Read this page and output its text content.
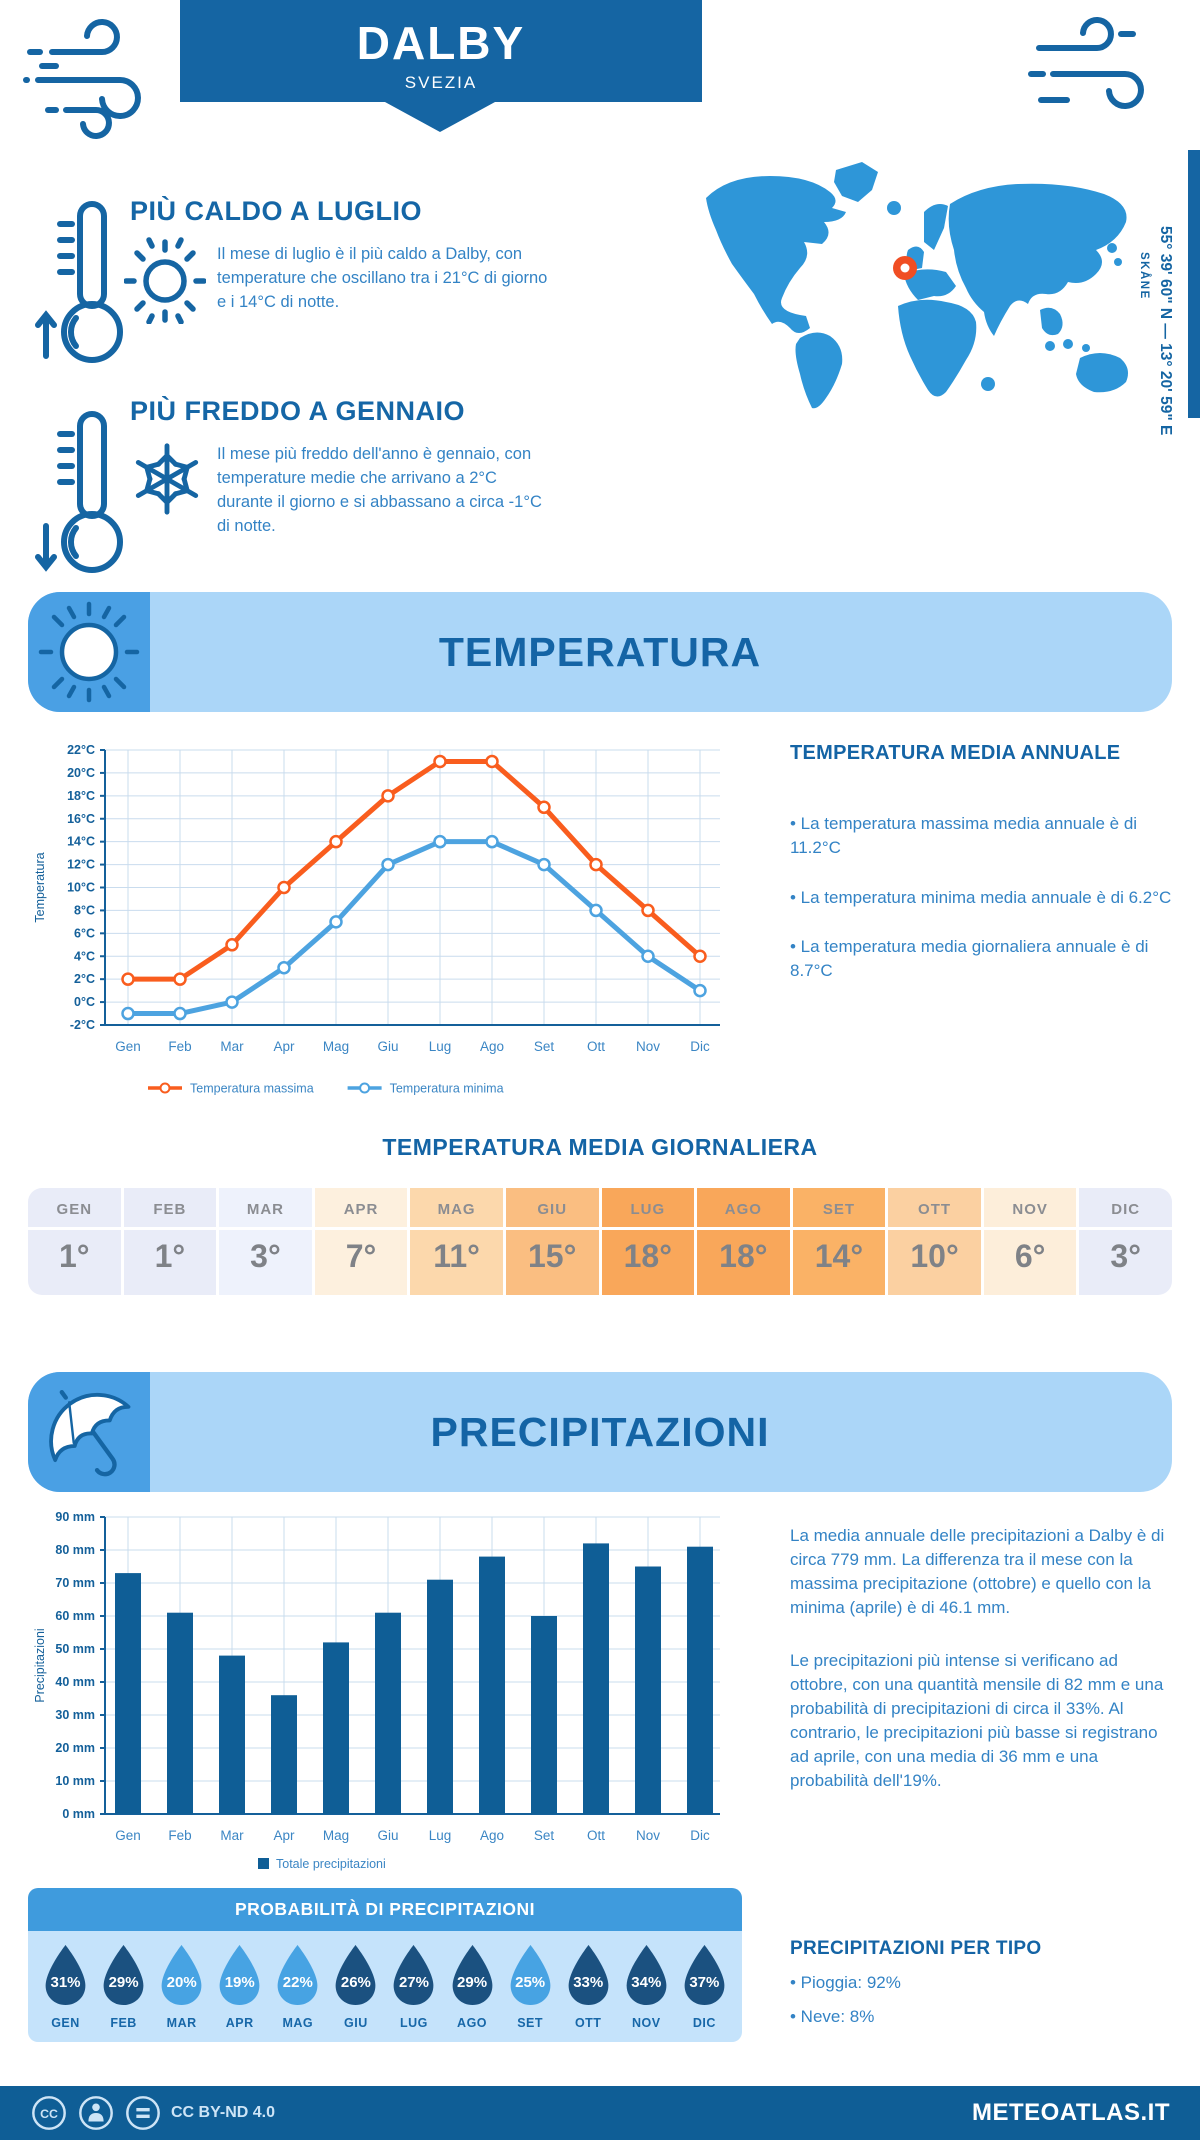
DALBY
SVEZIA
PIÙ CALDO A LUGLIO
Il mese di luglio è il più caldo a Dalby, con temperature che oscillano tra i 21°C di giorno e i 14°C di notte.
PIÙ FREDDO A GENNAIO
Il mese più freddo dell'anno è gennaio, con temperature medie che arrivano a 2°C durante il giorno e si abbassano a circa -1°C di notte.
55° 39' 60" N — 13° 20' 59" E
SKÅNE
TEMPERATURA
-2°C
0°C
2°C
4°C
6°C
8°C
10°C
12°C
14°C
16°C
18°C
20°C
22°C
Gen Feb Mar Apr Mag Giu Lug Ago Set Ott Nov Dic
Temperatura
Temperatura massima	Temperatura minima
TEMPERATURA MEDIA ANNUALE
• La temperatura massima media annuale è di 11.2°C
• La temperatura minima media annuale è di 6.2°C
• La temperatura media giornaliera annuale è di 8.7°C
TEMPERATURA MEDIA GIORNALIERA
GEN	FEB	MAR	APR	MAG	GIU	LUG	AGO	SET	OTT	NOV	DIC
1°	1°	3°	7°	11°	15°	18°	18°	14°	10°	6°	3°
PRECIPITAZIONI
0 mm
10 mm
20 mm
30 mm
40 mm
50 mm
60 mm
70 mm
80 mm
90 mm
Gen Feb Mar Apr Mag Giu Lug Ago Set Ott Nov Dic
Precipitazioni
Totale precipitazioni
La media annuale delle precipitazioni a Dalby è di circa 779 mm. La differenza tra il mese con la massima precipitazione (ottobre) e quello con la minima (aprile) è di 46.1 mm.
Le precipitazioni più intense si verificano ad ottobre, con una quantità mensile di 82 mm e una probabilità di precipitazioni di circa il 33%. Al contrario, le precipitazioni più basse si registrano ad aprile, con una media di 36 mm e una probabilità dell'19%.
PROBABILITÀ DI PRECIPITAZIONI
31%
GEN
29%
FEB
20%
MAR
19%
APR
22%
MAG
26%
GIU
27%
LUG
29%
AGO
25%
SET
33%
OTT
34%
NOV
37%
DIC
PRECIPITAZIONI PER TIPO
• Pioggia: 92%
• Neve: 8%
CC	CC BY-ND 4.0	METEOATLAS.IT
